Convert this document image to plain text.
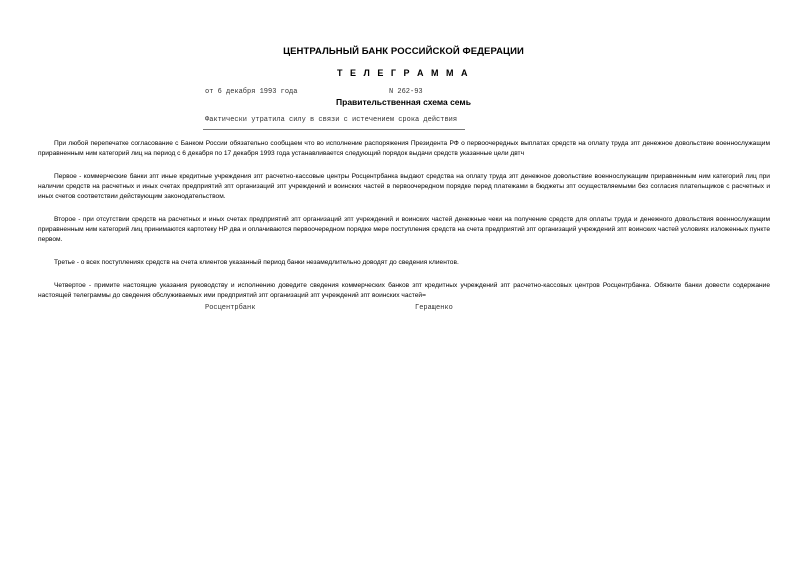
ЦЕНТРАЛЬНЫЙ БАНК РОССИЙСКОЙ ФЕДЕРАЦИИ
Т Е Л Е Г Р А М М А
от 6 декабря 1993 года	N 262-93
Правительственная схема семь
Фактически утратила силу в связи с истечением срока действия

При любой перепечатке согласование с Банком России обязательно сообщаем что во исполнение распоряжения Президента РФ о первоочередных выплатах средств на оплату труда зпт денежное довольствие военнослужащим приравненным ним категорий лиц на период с 6 декабря по 17 декабря 1993 года устанавливается следующий порядок выдачи средств указанные цели двтч

Первое - коммерческие банки зпт иные кредитные учреждения зпт расчетно-кассовые центры Росцентрбанка выдают средства на оплату труда зпт денежное довольствие военнослужащим приравненным ним категорий лиц при наличии средств на расчетных и иных счетах предприятий зпт организаций зпт учреждений и воинских частей в первоочередном порядке перед платежами в бюджеты зпт осуществляемыми без согласия плательщиков с расчетных и иных счетов соответствии действующим законодательством.

Второе - при отсутствии средств на расчетных и иных счетах предприятий зпт организаций зпт учреждений и воинских частей денежные чеки на получение средств для оплаты труда и денежного довольствия военнослужащим приравненным ним категорий лиц принимаются картотеку НР два и оплачиваются первоочередном порядке мере поступления средств на счета предприятий зпт организаций учреждений зпт воинских частей условиях изложенных пункте первом.

Третье - о всех поступлениях средств на счета клиентов указанный период банки незамедлительно доводят до сведения клиентов.

Четвертое - примите настоящие указания руководству и исполнению доведите сведения коммерческих банков зпт кредитных учреждений зпт расчетно-кассовых центров Росцентрбанка. Обяжите банки довести содержание настоящей телеграммы до сведения обслуживаемых ими предприятий зпт организаций зпт учреждений зпт воинских частей=

Росцентрбанк	Геращенко
